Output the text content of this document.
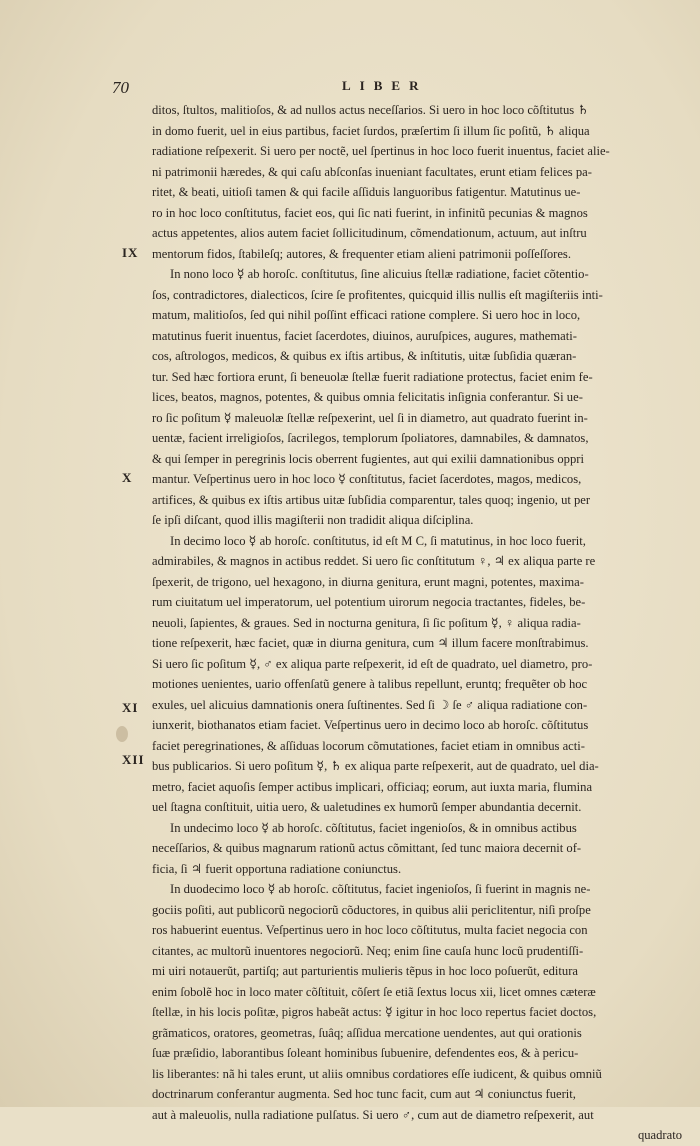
70	LIBER
IX
X
XI
XII
ditos, ſtultos, malitioſos, & ad nullos actus neceſſarios. Si uero in hoc loco cõſtitutus ♄
in domo fuerit, uel in eius partibus, faciet ſurdos, præſertim ſi illum ſic poſitũ, ♄ aliqua
radiatione reſpexerit. Si uero per noctẽ, uel ſpertinus in hoc loco fuerit inuentus, faciet alie-
ni patrimonii hæredes, & qui caſu abſconſas inueniant facultates, erunt etiam felices pa-
ritet, & beati, uitioſi tamen & qui facile aſſiduis languoribus fatigentur. Matutinus ue-
ro in hoc loco conſtitutus, faciet eos, qui ſic nati fuerint, in infinitũ pecunias & magnos
actus appetentes, alios autem faciet ſollicitudinum, cõmendationum, actuum, aut inſtru
mentorum fidos, ſtabileſq; autores, & frequenter etiam alieni patrimonii poſſeſſores.
In nono loco ☿ ab horoſc. conſtitutus, ſine alicuius ſtellæ radiatione, faciet cõtentio-
ſos, contradictores, dialecticos, ſcire ſe profitentes, quicquid illis nullis eſt magiſteriis inti-
matum, malitioſos, ſed qui nihil poſſint efficaci ratione complere. Si uero hoc in loco,
matutinus fuerit inuentus, faciet ſacerdotes, diuinos, auruſpices, augures, mathemati-
cos, aſtrologos, medicos, & quibus ex iſtis artibus, & inſtitutis, uitæ ſubſidia quæran-
tur. Sed hæc fortiora erunt, ſi beneuolæ ſtellæ fuerit radiatione protectus, faciet enim fe-
lices, beatos, magnos, potentes, & quibus omnia felicitatis inſignia conferantur. Si ue-
ro ſic poſitum ☿ maleuolæ ſtellæ reſpexerint, uel ſi in diametro, aut quadrato fuerint in-
uentæ, facient irreligioſos, ſacrilegos, templorum ſpoliatores, damnabiles, & damnatos,
& qui ſemper in peregrinis locis oberrent fugientes, aut qui exilii damnationibus oppri
mantur. Veſpertinus uero in hoc loco ☿ conſtitutus, faciet ſacerdotes, magos, medicos,
artifices, & quibus ex iſtis artibus uitæ ſubſidia comparentur, tales quoq; ingenio, ut per
ſe ipſi diſcant, quod illis magiſterii non tradidit aliqua diſciplina.
In decimo loco ☿ ab horoſc. conſtitutus, id eſt M C, ſi matutinus, in hoc loco fuerit,
admirabiles, & magnos in actibus reddet. Si uero ſic conſtitutum ♀, ♃ ex aliqua parte re
ſpexerit, de trigono, uel hexagono, in diurna genitura, erunt magni, potentes, maxima-
rum ciuitatum uel imperatorum, uel potentium uirorum negocia tractantes, fideles, be-
neuoli, ſapientes, & graues. Sed in nocturna genitura, ſi ſic poſitum ☿, ♀ aliqua radia-
tione reſpexerit, hæc faciet, quæ in diurna genitura, cum ♃ illum facere monſtrabimus.
Si uero ſic poſitum ☿, ♂ ex aliqua parte reſpexerit, id eſt de quadrato, uel diametro, pro-
motiones uenientes, uario offenſatũ genere à talibus repellunt, eruntq; frequẽter ob hoc
exules, uel alicuius damnationis onera ſuſtinentes. Sed ſi ☽ ſe ♂ aliqua radiatione con-
iunxerit, biothanatos etiam faciet. Veſpertinus uero in decimo loco ab horoſc. cõſtitutus
faciet peregrinationes, & aſſiduas locorum cõmutationes, faciet etiam in omnibus acti-
bus publicarios. Si uero poſitum ☿, ♄ ex aliqua parte reſpexerit, aut de quadrato, uel dia-
metro, faciet aquoſis ſemper actibus implicari, officiaq; eorum, aut iuxta maria, flumina
uel ſtagna conſtituit, uitia uero, & ualetudines ex humorũ ſemper abundantia decernit.
In undecimo loco ☿ ab horoſc. cõſtitutus, faciet ingenioſos, & in omnibus actibus
neceſſarios, & quibus magnarum rationũ actus cõmittant, ſed tunc maiora decernit of-
ficia, ſi ♃ fuerit opportuna radiatione coniunctus.
In duodecimo loco ☿ ab horoſc. cõſtitutus, faciet ingenioſos, ſi fuerint in magnis ne-
gociis poſiti, aut publicorũ negociorũ cõductores, in quibus alii periclitentur, niſi proſpe
ros habuerint euentus. Veſpertinus uero in hoc loco cõſtitutus, multa faciet negocia con
citantes, ac multorũ inuentores negociorũ. Neq; enim ſine cauſa hunc locũ prudentiſſi-
mi uiri notauerũt, partiſq; aut parturientis mulieris tẽpus in hoc loco poſuerũt, editura
enim ſobolẽ hoc in loco mater cõſtituit, cõſert ſe etiã ſextus locus xii, licet omnes cæteræ
ſtellæ, in his locis poſitæ, pigros habeãt actus: ☿ igitur in hoc loco repertus faciet doctos,
grãmaticos, oratores, geometras, ſuâq; aſſidua mercatione uendentes, aut qui orationis
ſuæ præſidio, laborantibus ſoleant hominibus ſubuenire, defendentes eos, & à pericu-
lis liberantes: nã hi tales erunt, ut aliis omnibus cordatiores eſſe iudicent, & quibus omniũ
doctrinarum conferantur augmenta. Sed hoc tunc facit, cum aut ♃ coniunctus fuerit,
aut à maleuolis, nulla radiatione pulſatus. Si uero ♂, cum aut de diametro reſpexerit, aut
quadrato
